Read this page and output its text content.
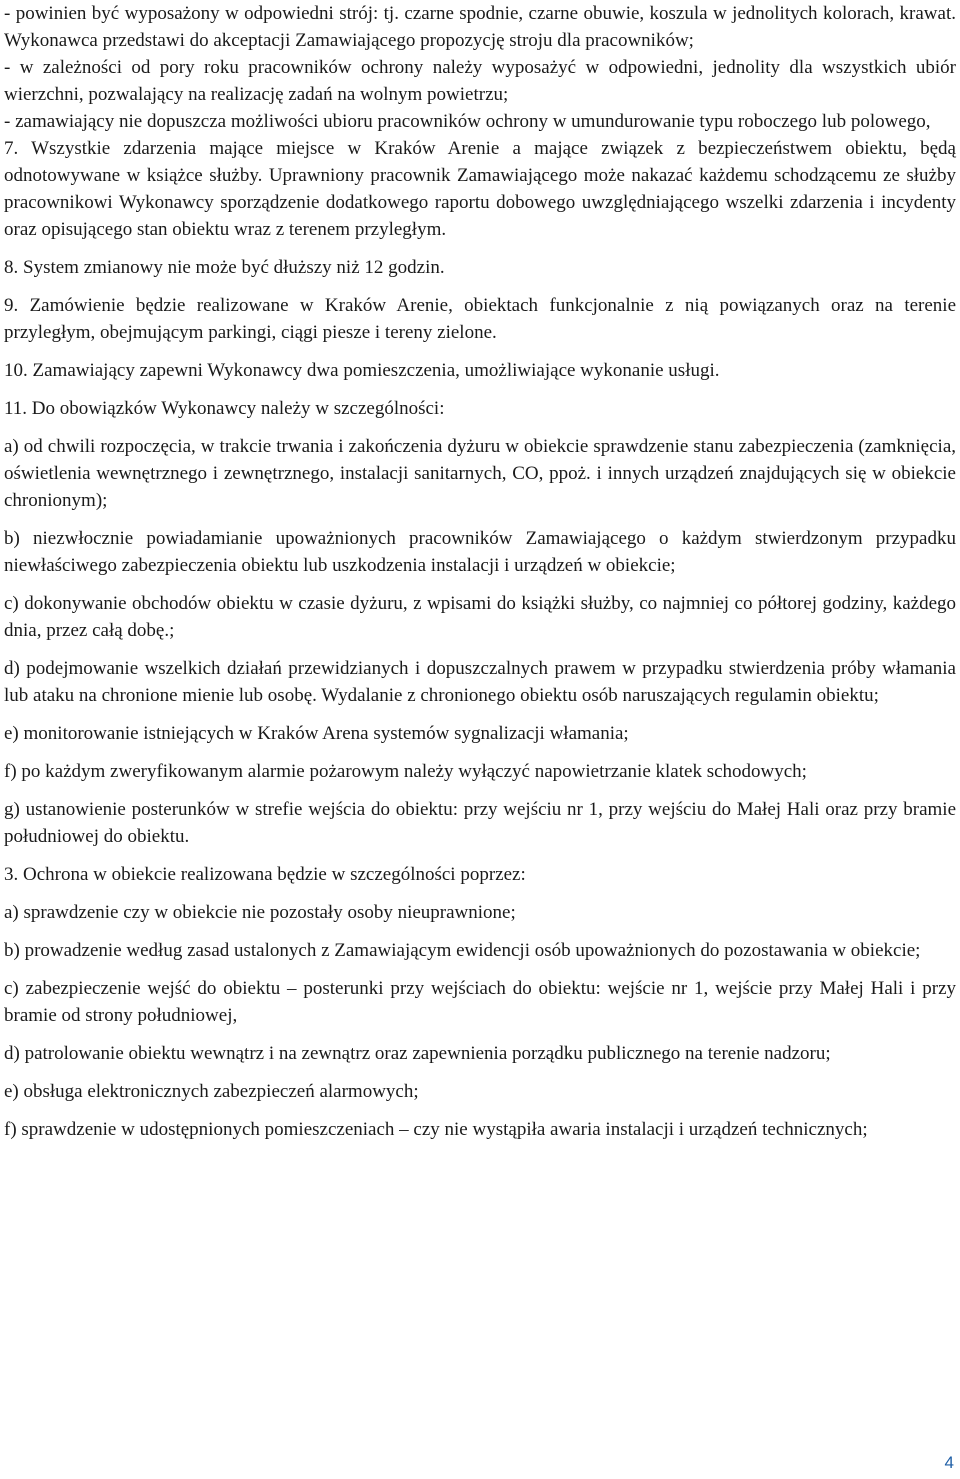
- powinien być wyposażony w odpowiedni strój: tj. czarne spodnie, czarne obuwie, koszula w jednolitych kolorach, krawat. Wykonawca przedstawi do akceptacji Zamawiającego propozycję stroju dla pracowników;

- w zależności od pory roku pracowników ochrony należy wyposażyć w odpowiedni, jednolity dla wszystkich ubiór wierzchni, pozwalający na realizację zadań na wolnym powietrzu;

- zamawiający nie dopuszcza możliwości ubioru pracowników ochrony w umundurowanie typu roboczego lub polowego,

7. Wszystkie zdarzenia mające miejsce w Kraków Arenie a mające związek z bezpieczeństwem obiektu, będą odnotowywane w książce służby. Uprawniony pracownik Zamawiającego może nakazać każdemu schodzącemu ze służby pracownikowi Wykonawcy sporządzenie dodatkowego raportu dobowego uwzględniającego wszelki zdarzenia i incydenty oraz opisującego stan obiektu wraz z terenem przyległym.

8. System zmianowy nie może być dłuższy niż 12 godzin.

9. Zamówienie będzie realizowane w Kraków Arenie, obiektach funkcjonalnie z nią powiązanych oraz na terenie przyległym, obejmującym parkingi, ciągi piesze i tereny zielone.

10. Zamawiający zapewni Wykonawcy dwa pomieszczenia, umożliwiające wykonanie usługi.

11. Do obowiązków Wykonawcy należy w szczególności:

a) od chwili rozpoczęcia, w trakcie trwania i zakończenia dyżuru w obiekcie sprawdzenie stanu zabezpieczenia (zamknięcia, oświetlenia wewnętrznego i zewnętrznego, instalacji sanitarnych, CO, ppoż. i innych urządzeń znajdujących się w obiekcie chronionym);

b) niezwłocznie powiadamianie upoważnionych pracowników Zamawiającego o każdym stwierdzonym przypadku niewłaściwego zabezpieczenia obiektu lub uszkodzenia instalacji i urządzeń w obiekcie;

c) dokonywanie obchodów obiektu w czasie dyżuru, z wpisami do książki służby, co najmniej co półtorej godziny, każdego dnia, przez całą dobę.;

d) podejmowanie wszelkich działań przewidzianych i dopuszczalnych prawem w przypadku stwierdzenia próby włamania lub ataku na chronione mienie lub osobę. Wydalanie z chronionego obiektu osób naruszających regulamin obiektu;

e) monitorowanie istniejących w Kraków Arena systemów sygnalizacji włamania;

f) po każdym zweryfikowanym alarmie pożarowym należy wyłączyć napowietrzanie klatek schodowych;

g) ustanowienie posterunków w strefie wejścia do obiektu: przy wejściu nr 1, przy wejściu do Małej Hali oraz przy bramie południowej do obiektu.

3. Ochrona w obiekcie realizowana będzie w szczególności poprzez:

a) sprawdzenie czy w obiekcie nie pozostały osoby nieuprawnione;

b) prowadzenie według zasad ustalonych z Zamawiającym ewidencji osób upoważnionych do pozostawania w obiekcie;

c) zabezpieczenie wejść do obiektu – posterunki przy wejściach do obiektu: wejście nr 1, wejście przy Małej Hali i przy bramie od strony południowej,

d) patrolowanie obiektu wewnątrz i na zewnątrz oraz zapewnienia porządku publicznego na terenie nadzoru;

e) obsługa elektronicznych zabezpieczeń alarmowych;

f) sprawdzenie w udostępnionych pomieszczeniach – czy nie wystąpiła awaria instalacji i urządzeń technicznych;

4
